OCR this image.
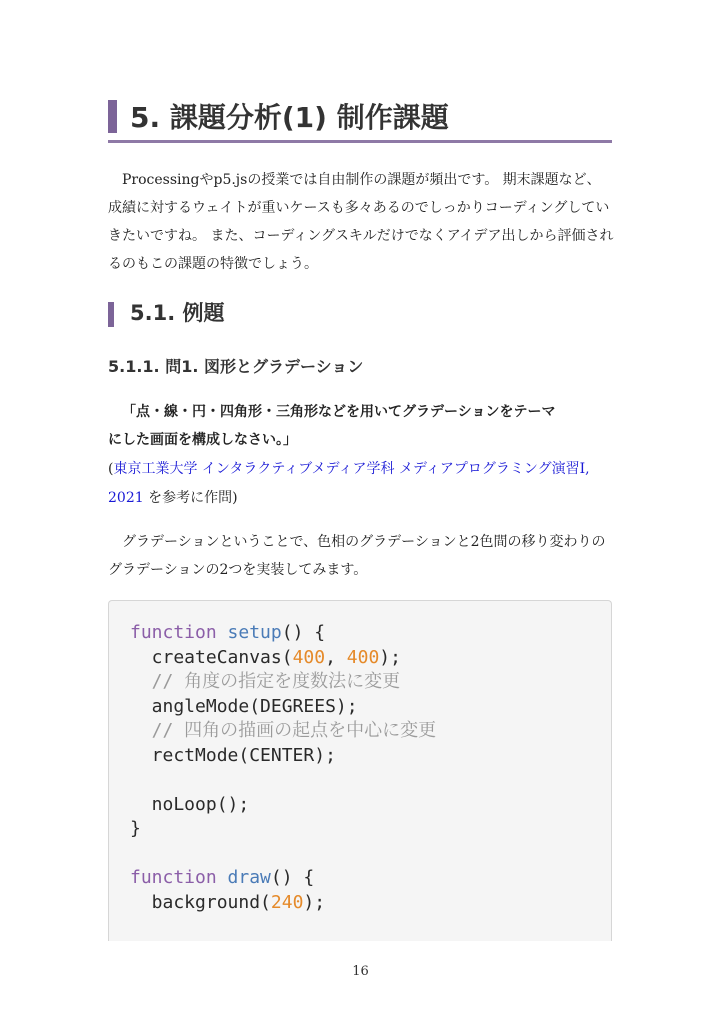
5. 課題分析(1) 制作課題
Processingやp5.jsの授業では自由制作の課題が頻出です。 期末課題など、成績に対するウェイトが重いケースも多々あるのでしっかりコーディングしていきたいですね。 また、コーディングスキルだけでなくアイデア出しから評価されるのもこの課題の特徴でしょう。
5.1. 例題
5.1.1. 問1. 図形とグラデーション
「点・線・円・四角形・三角形などを用いてグラデーションをテーマ
にした画面を構成しなさい。」
(東京工業大学 インタラクティブメディア学科 メディアプログラミング演習I, 2021 を参考に作問)
グラデーションということで、色相のグラデーションと2色間の移り変わりのグラデーションの2つを実装してみます。
function setup() {
createCanvas(400, 400);
// 角度の指定を度数法に変更
angleMode(DEGREES);
// 四角の描画の起点を中心に変更
rectMode(CENTER);

noLoop();
}

function draw() {
background(240);
16
